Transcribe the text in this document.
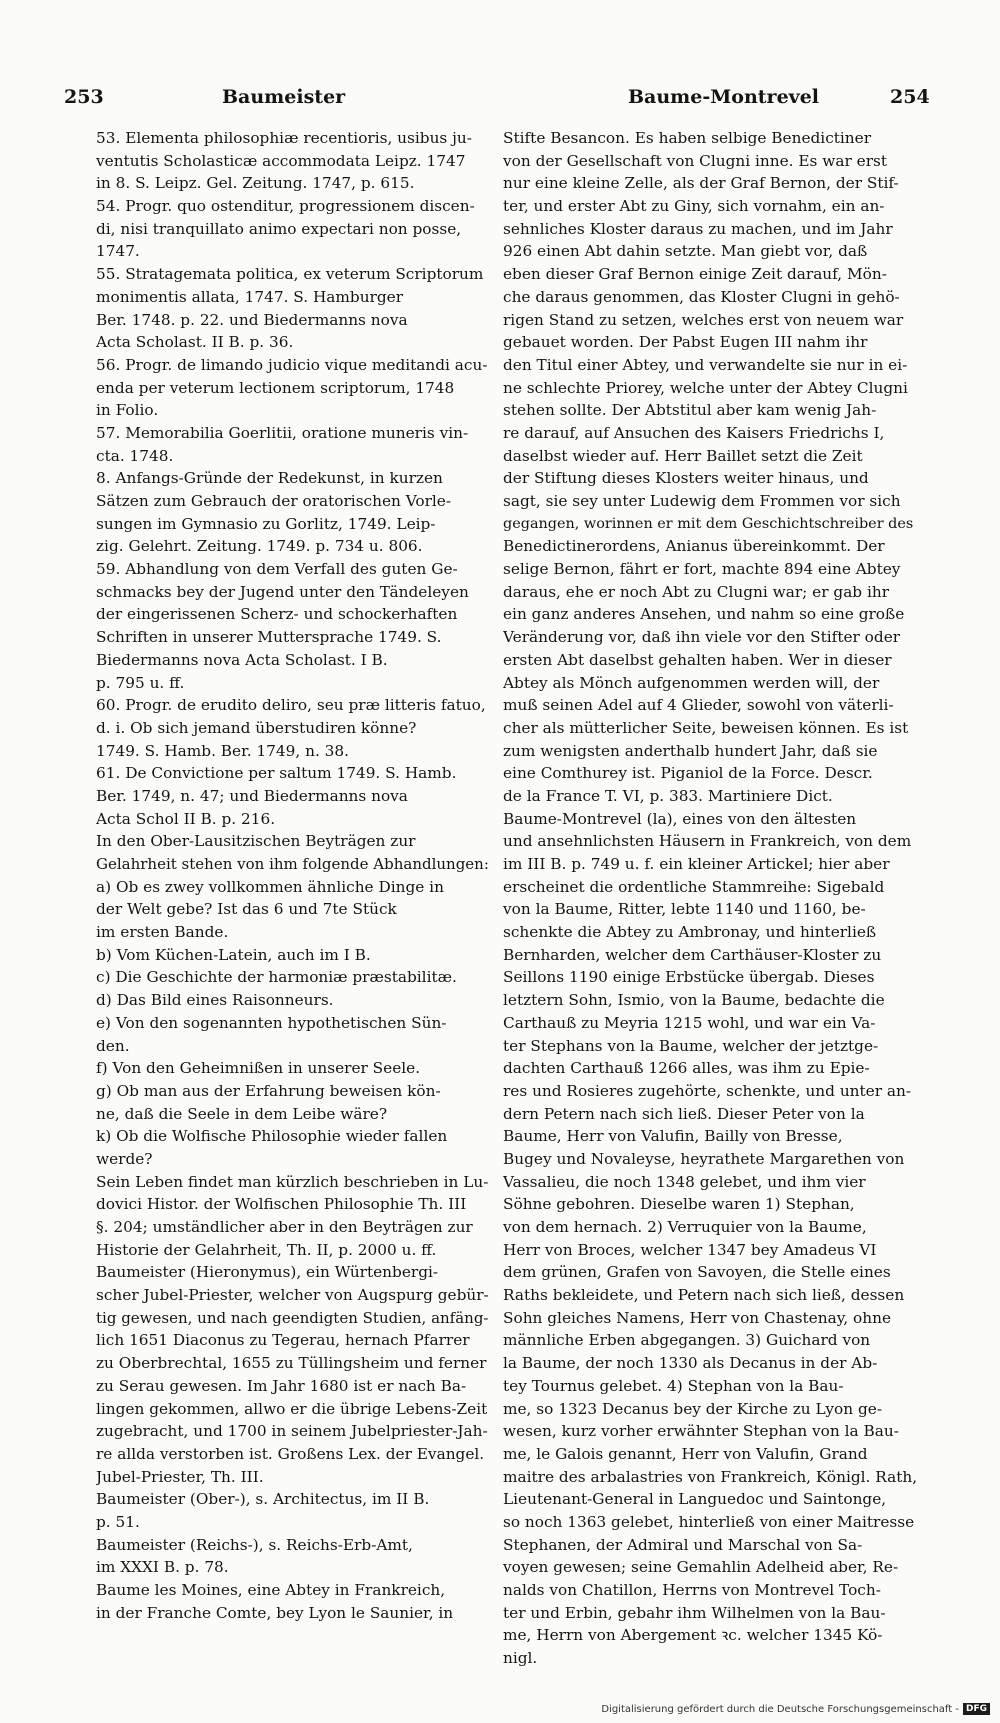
253	Baumeister	Baume-Montrevel	254
53. Elementa philosophiæ recentioris, usibus ju-
ventutis Scholasticæ accommodata Leipz. 1747
in 8. S. Leipz. Gel. Zeitung. 1747, p. 615.
54. Progr. quo ostenditur, progressionem discen-
di, nisi tranquillato animo expectari non posse,
1747.
55. Stratagemata politica, ex veterum Scriptorum
monimentis allata, 1747. S. Hamburger
Ber. 1748. p. 22. und Biedermanns nova
Acta Scholast. II B. p. 36.
56. Progr. de limando judicio vique meditandi acu-
enda per veterum lectionem scriptorum, 1748
in Folio.
57. Memorabilia Goerlitii, oratione muneris vin-
cta. 1748.
8. Anfangs-Gründe der Redekunst, in kurzen
Sätzen zum Gebrauch der oratorischen Vorle-
sungen im Gymnasio zu Gorlitz, 1749. Leip-
zig. Gelehrt. Zeitung. 1749. p. 734 u. 806.
59. Abhandlung von dem Verfall des guten Ge-
schmacks bey der Jugend unter den Tändeleyen
der eingerissenen Scherz- und schockerhaften
Schriften in unserer Muttersprache 1749. S.
Biedermanns nova Acta Scholast. I B.
p. 795 u. ff.
60. Progr. de erudito deliro, seu præ litteris fatuo,
d. i. Ob sich jemand überstudiren könne?
1749. S. Hamb. Ber. 1749, n. 38.
61. De Convictione per saltum 1749. S. Hamb.
Ber. 1749, n. 47; und Biedermanns nova
Acta Schol II B. p. 216.
In den Ober-Lausitzischen Beyträgen zur
Gelahrheit stehen von ihm folgende Abhandlungen:
a) Ob es zwey vollkommen ähnliche Dinge in
der Welt gebe? Ist das 6 und 7te Stück
im ersten Bande.
b) Vom Küchen-Latein, auch im I B.
c) Die Geschichte der harmoniæ præstabilitæ.
d) Das Bild eines Raisonneurs.
e) Von den sogenannten hypothetischen Sün-
den.
f) Von den Geheimnißen in unserer Seele.
g) Ob man aus der Erfahrung beweisen kön-
ne, daß die Seele in dem Leibe wäre?
k) Ob die Wolfische Philosophie wieder fallen
werde?
Sein Leben findet man kürzlich beschrieben in Lu-
dovici Histor. der Wolfischen Philosophie Th. III
§. 204; umständlicher aber in den Beyträgen zur
Historie der Gelahrheit, Th. II, p. 2000 u. ff.
Baumeister (Hieronymus), ein Würtenbergi-
scher Jubel-Priester, welcher von Augspurg gebür-
tig gewesen, und nach geendigten Studien, anfäng-
lich 1651 Diaconus zu Tegerau, hernach Pfarrer
zu Oberbrechtal, 1655 zu Tüllingsheim und ferner
zu Serau gewesen. Im Jahr 1680 ist er nach Ba-
lingen gekommen, allwo er die übrige Lebens-Zeit
zugebracht, und 1700 in seinem Jubelpriester-Jah-
re allda verstorben ist. Großens Lex. der Evangel.
Jubel-Priester, Th. III.
Baumeister (Ober-), s. Architectus, im II B.
p. 51.
Baumeister (Reichs-), s. Reichs-Erb-Amt,
im XXXI B. p. 78.
Baume les Moines, eine Abtey in Frankreich,
in der Franche Comte, bey Lyon le Saunier, in
Stifte Besancon. Es haben selbige Benedictiner
von der Gesellschaft von Clugni inne. Es war erst
nur eine kleine Zelle, als der Graf Bernon, der Stif-
ter, und erster Abt zu Giny, sich vornahm, ein an-
sehnliches Kloster daraus zu machen, und im Jahr
926 einen Abt dahin setzte. Man giebt vor, daß
eben dieser Graf Bernon einige Zeit darauf, Mön-
che daraus genommen, das Kloster Clugni in gehö-
rigen Stand zu setzen, welches erst von neuem war
gebauet worden. Der Pabst Eugen III nahm ihr
den Titul einer Abtey, und verwandelte sie nur in ei-
ne schlechte Priorey, welche unter der Abtey Clugni
stehen sollte. Der Abtstitul aber kam wenig Jah-
re darauf, auf Ansuchen des Kaisers Friedrichs I,
daselbst wieder auf. Herr Baillet setzt die Zeit
der Stiftung dieses Klosters weiter hinaus, und
sagt, sie sey unter Ludewig dem Frommen vor sich
gegangen, worinnen er mit dem Geschichtschreiber des
Benedictinerordens, Anianus übereinkommt. Der
selige Bernon, fährt er fort, machte 894 eine Abtey
daraus, ehe er noch Abt zu Clugni war; er gab ihr
ein ganz anderes Ansehen, und nahm so eine große
Veränderung vor, daß ihn viele vor den Stifter oder
ersten Abt daselbst gehalten haben. Wer in dieser
Abtey als Mönch aufgenommen werden will, der
muß seinen Adel auf 4 Glieder, sowohl von väterli-
cher als mütterlicher Seite, beweisen können. Es ist
zum wenigsten anderthalb hundert Jahr, daß sie
eine Comthurey ist. Piganiol de la Force. Descr.
de la France T. VI, p. 383. Martiniere Dict.
Baume-Montrevel (la), eines von den ältesten
und ansehnlichsten Häusern in Frankreich, von dem
im III B. p. 749 u. f. ein kleiner Artickel; hier aber
erscheinet die ordentliche Stammreihe: Sigebald
von la Baume, Ritter, lebte 1140 und 1160, be-
schenkte die Abtey zu Ambronay, und hinterließ
Bernharden, welcher dem Carthäuser-Kloster zu
Seillons 1190 einige Erbstücke übergab. Dieses
letztern Sohn, Ismio, von la Baume, bedachte die
Carthauß zu Meyria 1215 wohl, und war ein Va-
ter Stephans von la Baume, welcher der jetztge-
dachten Carthauß 1266 alles, was ihm zu Epie-
res und Rosieres zugehörte, schenkte, und unter an-
dern Petern nach sich ließ. Dieser Peter von la
Baume, Herr von Valufin, Bailly von Bresse,
Bugey und Novaleyse, heyrathete Margarethen von
Vassalieu, die noch 1348 gelebet, und ihm vier
Söhne gebohren. Dieselbe waren 1) Stephan,
von dem hernach. 2) Verruquier von la Baume,
Herr von Broces, welcher 1347 bey Amadeus VI
dem grünen, Grafen von Savoyen, die Stelle eines
Raths bekleidete, und Petern nach sich ließ, dessen
Sohn gleiches Namens, Herr von Chastenay, ohne
männliche Erben abgegangen. 3) Guichard von
la Baume, der noch 1330 als Decanus in der Ab-
tey Tournus gelebet. 4) Stephan von la Bau-
me, so 1323 Decanus bey der Kirche zu Lyon ge-
wesen, kurz vorher erwähnter Stephan von la Bau-
me, le Galois genannt, Herr von Valufin, Grand
maitre des arbalastries von Frankreich, Königl. Rath,
Lieutenant-General in Languedoc und Saintonge,
so noch 1363 gelebet, hinterließ von einer Maitresse
Stephanen, der Admiral und Marschal von Sa-
voyen gewesen; seine Gemahlin Adelheid aber, Re-
nalds von Chatillon, Herrns von Montrevel Toch-
ter und Erbin, gebahr ihm Wilhelmen von la Bau-
me, Herrn von Abergement ꝛc. welcher 1345 Kö-
nigl.
Digitalisierung gefördert durch die Deutsche Forschungsgemeinschaft - DFG
